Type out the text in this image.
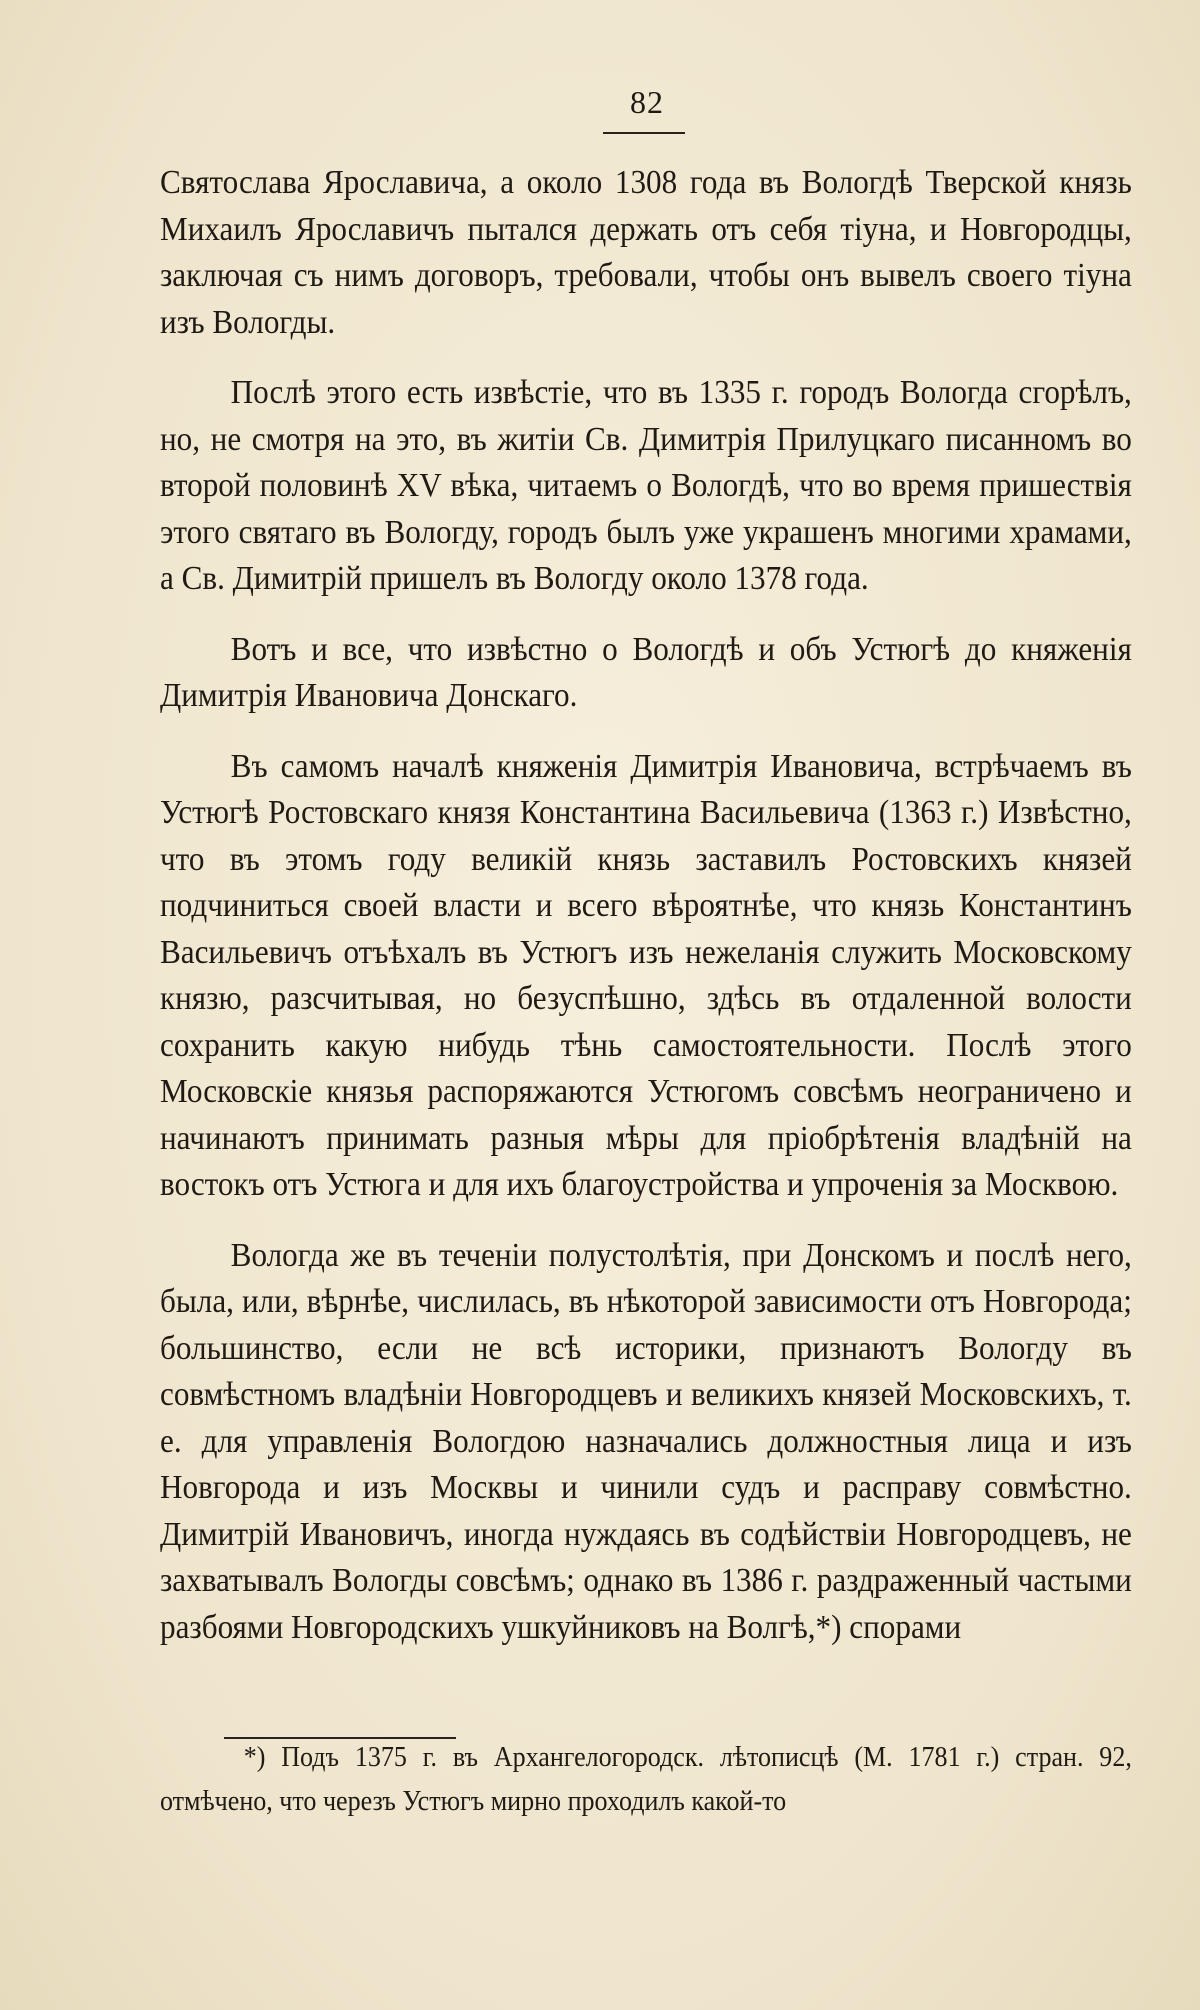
82

Святослава Ярославича, а около 1308 года въ Вологдѣ Тверской князь Михаилъ Ярославичъ пытался держать отъ себя тіуна, и Новгородцы, заключая съ нимъ договоръ, требовали, чтобы онъ вывелъ своего тіуна изъ Вологды.

Послѣ этого есть извѣстіе, что въ 1335 г. городъ Вологда сгорѣлъ, но, не смотря на это, въ житіи Св. Димитрія Прилуцкаго писанномъ во второй половинѣ XV вѣка, читаемъ о Вологдѣ, что во время пришествія этого святаго въ Вологду, городъ былъ уже украшенъ многими храмами, а Св. Димитрій пришелъ въ Вологду около 1378 года.

Вотъ и все, что извѣстно о Вологдѣ и объ Устюгѣ до княженія Димитрія Ивановича Донскаго.

Въ самомъ началѣ княженія Димитрія Ивановича, встрѣчаемъ въ Устюгѣ Ростовскаго князя Константина Васильевича (1363 г.) Извѣстно, что въ этомъ году великій князь заставилъ Ростовскихъ князей подчиниться своей власти и всего вѣроятнѣе, что князь Константинъ Васильевичъ отъѣхалъ въ Устюгъ изъ нежеланія служить Московскому князю, разсчитывая, но безуспѣшно, здѣсь въ отдаленной волости сохранить какую нибудь тѣнь самостоятельности. Послѣ этого Московскіе князья распоряжаются Устюгомъ совсѣмъ неограничено и начинаютъ принимать разныя мѣры для пріобрѣтенія владѣній на востокъ отъ Устюга и для ихъ благоустройства и упроченія за Москвою.

Вологда же въ теченіи полустолѣтія, при Донскомъ и послѣ него, была, или, вѣрнѣе, числилась, въ нѣкоторой зависимости отъ Новгорода; большинство, если не всѣ историки, признаютъ Вологду въ совмѣстномъ владѣніи Новгородцевъ и великихъ князей Московскихъ, т. е. для управленія Вологдою назначались должностныя лица и изъ Новгорода и изъ Москвы и чинили судъ и расправу совмѣстно. Димитрій Ивановичъ, иногда нуждаясь въ содѣйствіи Новгородцевъ, не захватывалъ Вологды совсѣмъ; однако въ 1386 г. раздраженный частыми разбоями Новгородскихъ ушкуйниковъ на Волгѣ,*) спорами

*) Подъ 1375 г. въ Архангелогородск. лѣтописцѣ (М. 1781 г.) стран. 92, отмѣчено, что черезъ Устюгъ мирно проходилъ какой-то
